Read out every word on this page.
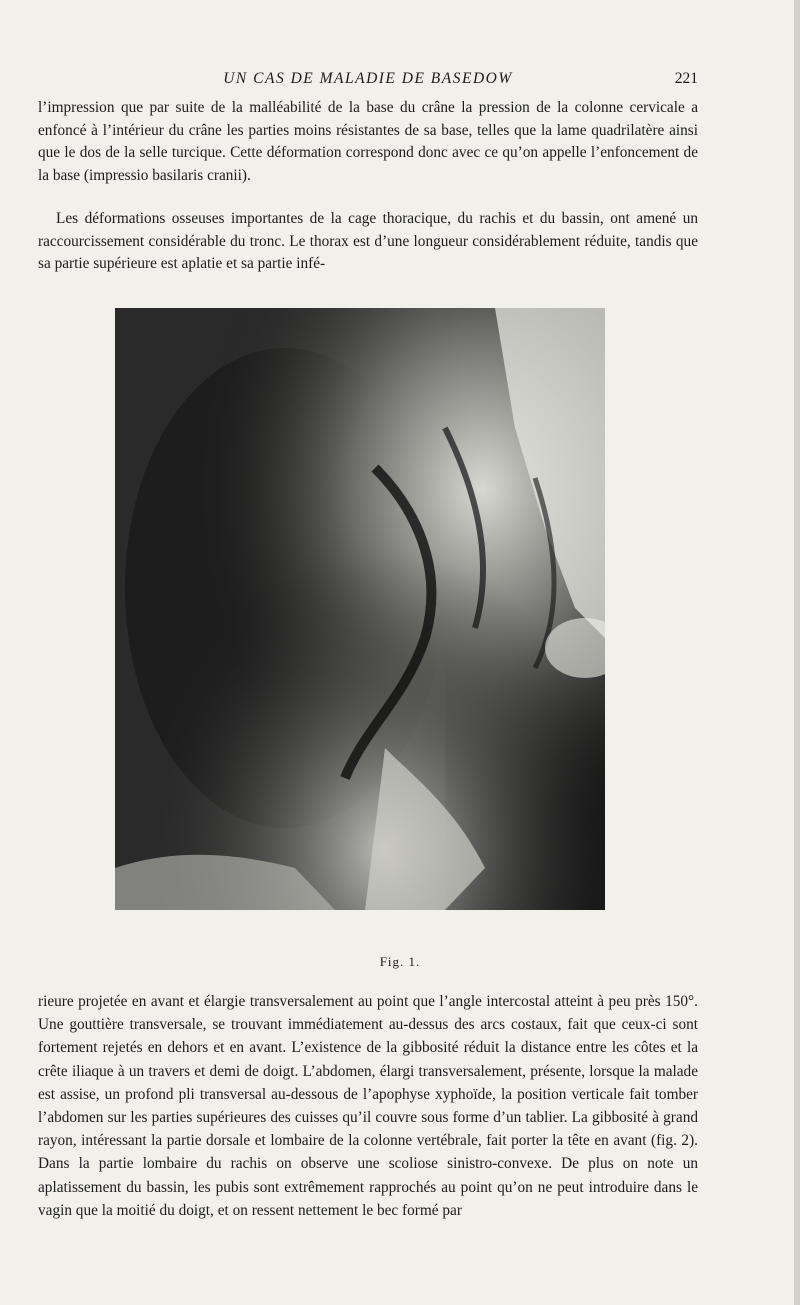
UN CAS DE MALADIE DE BASEDOW	221

l’impression que par suite de la malléabilité de la base du crâne la pression de la colonne cervicale a enfoncé à l’intérieur du crâne les parties moins résistantes de sa base, telles que la lame quadrilatère ainsi que le dos de la selle turcique. Cette déformation correspond donc avec ce qu’on appelle l’enfoncement de la base (impressio basilaris cranii).

Les déformations osseuses importantes de la cage thoracique, du rachis et du bassin, ont amené un raccourcissement considérable du tronc. Le thorax est d’une longueur considérablement réduite, tandis que sa partie supérieure est aplatie et sa partie infé-

Fig. 1.

rieure projetée en avant et élargie transversalement au point que l’angle intercostal atteint à peu près 150°. Une gouttière transversale, se trouvant immédiatement au-dessus des arcs costaux, fait que ceux-ci sont fortement rejetés en dehors et en avant. L’existence de la gibbosité réduit la distance entre les côtes et la crête iliaque à un travers et demi de doigt. L’abdomen, élargi transversalement, présente, lorsque la malade est assise, un profond pli transversal au-dessous de l’apophyse xyphoïde, la position verticale fait tomber l’abdomen sur les parties supérieures des cuisses qu’il couvre sous forme d’un tablier. La gibbosité à grand rayon, intéressant la partie dorsale et lombaire de la colonne vertébrale, fait porter la tête en avant (fig. 2). Dans la partie lombaire du rachis on observe une scoliose sinistro-convexe. De plus on note un aplatissement du bassin, les pubis sont extrêmement rapprochés au point qu’on ne peut introduire dans le vagin que la moitié du doigt, et on ressent nettement le bec formé par
